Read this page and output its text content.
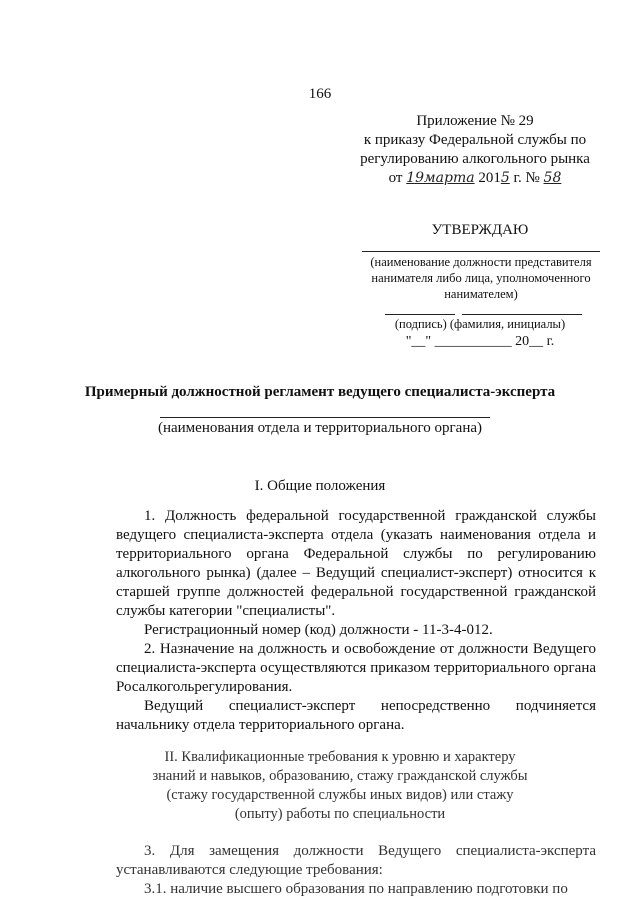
166
Приложение № 29
к приказу Федеральной службы по
регулированию алкогольного рынка
от 19марта 2015 г. № 58
УТВЕРЖДАЮ
(наименование должности представителя нанимателя либо лица, уполномоченного нанимателем)
(подпись) (фамилия, инициалы)
"__" ___________ 20__ г.
Примерный должностной регламент ведущего специалиста-эксперта
(наименования отдела и территориального органа)
I. Общие положения

1. Должность федеральной государственной гражданской службы ведущего специалиста-эксперта отдела (указать наименования отдела и территориального органа Федеральной службы по регулированию алкогольного рынка) (далее – Ведущий специалист-эксперт) относится к старшей группе должностей федеральной государственной гражданской службы категории "специалисты".

Регистрационный номер (код) должности - 11-3-4-012.

2. Назначение на должность и освобождение от должности Ведущего специалиста-эксперта осуществляются приказом территориального органа Росалкогольрегулирования.

Ведущий специалист-эксперт непосредственно подчиняется начальнику отдела территориального органа.

II. Квалификационные требования к уровню и характеру
знаний и навыков, образованию, стажу гражданской службы
(стажу государственной службы иных видов) или стажу
(опыту) работы по специальности

3. Для замещения должности Ведущего специалиста-эксперта устанавливаются следующие требования:

3.1. наличие высшего образования по направлению подготовки по
